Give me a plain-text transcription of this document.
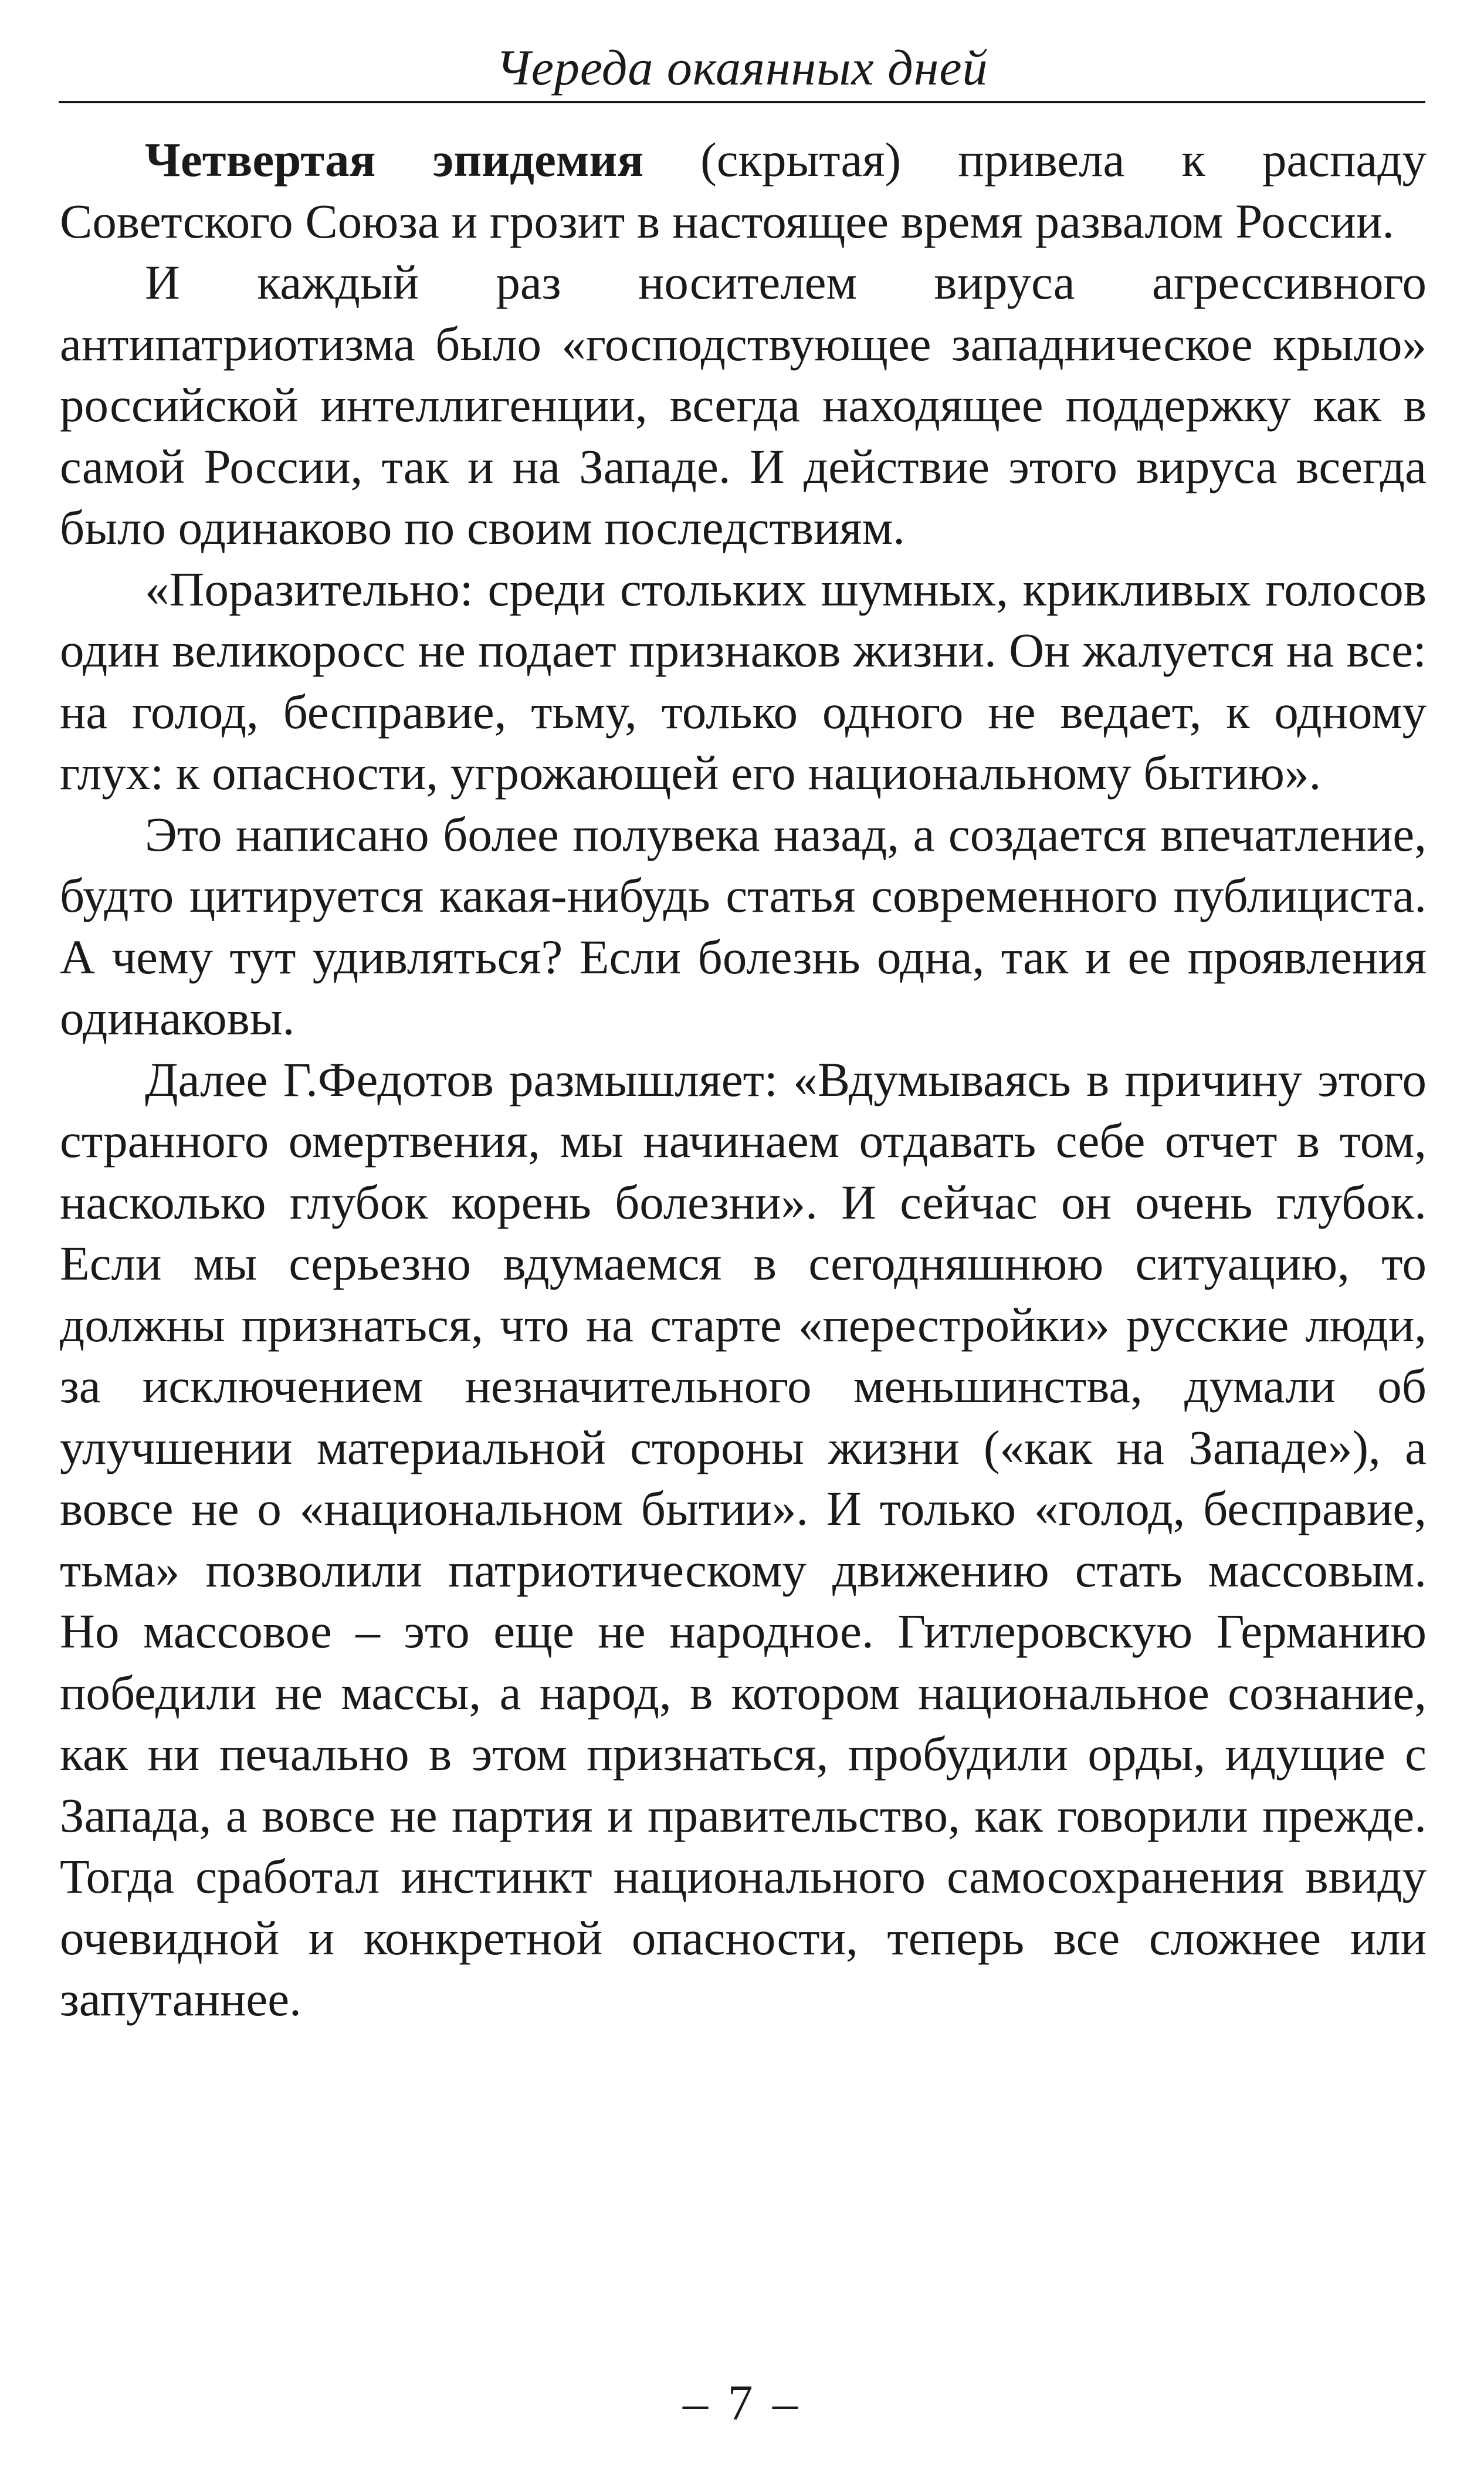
Череда окаянных дней

Четвертая эпидемия (скрытая) привела к распаду Советского Союза и грозит в настоящее время развалом России.

И каждый раз носителем вируса агрессивного антипатриотизма было «господствующее западническое крыло» российской интеллигенции, всегда находящее поддержку как в самой России, так и на Западе. И действие этого вируса всегда было одинаково по своим последствиям.

«Поразительно: среди стольких шумных, крикливых голосов один великоросс не подает признаков жизни. Он жалуется на все: на голод, бесправие, тьму, только одного не ведает, к одному глух: к опасности, угрожающей его национальному бытию».

Это написано более полувека назад, а создается впечатление, будто цитируется какая-нибудь статья современного публициста. А чему тут удивляться? Если болезнь одна, так и ее проявления одинаковы.

Далее Г.Федотов размышляет: «Вдумываясь в причину этого странного омертвения, мы начинаем отдавать себе отчет в том, насколько глубок корень болезни». И сейчас он очень глубок. Если мы серьезно вдумаемся в сегодняшнюю ситуацию, то должны признаться, что на старте «перестройки» русские люди, за исключением незначительного меньшинства, думали об улучшении материальной стороны жизни («как на Западе»), а вовсе не о «национальном бытии». И только «голод, бесправие, тьма» позволили патриотическому движению стать массовым. Но массовое – это еще не народное. Гитлеровскую Германию победили не массы, а народ, в котором национальное сознание, как ни печально в этом признаться, пробудили орды, идущие с Запада, а вовсе не партия и правительство, как говорили прежде. Тогда сработал инстинкт национального самосохранения ввиду очевидной и конкретной опасности, теперь все сложнее или запутаннее.

– 7 –
